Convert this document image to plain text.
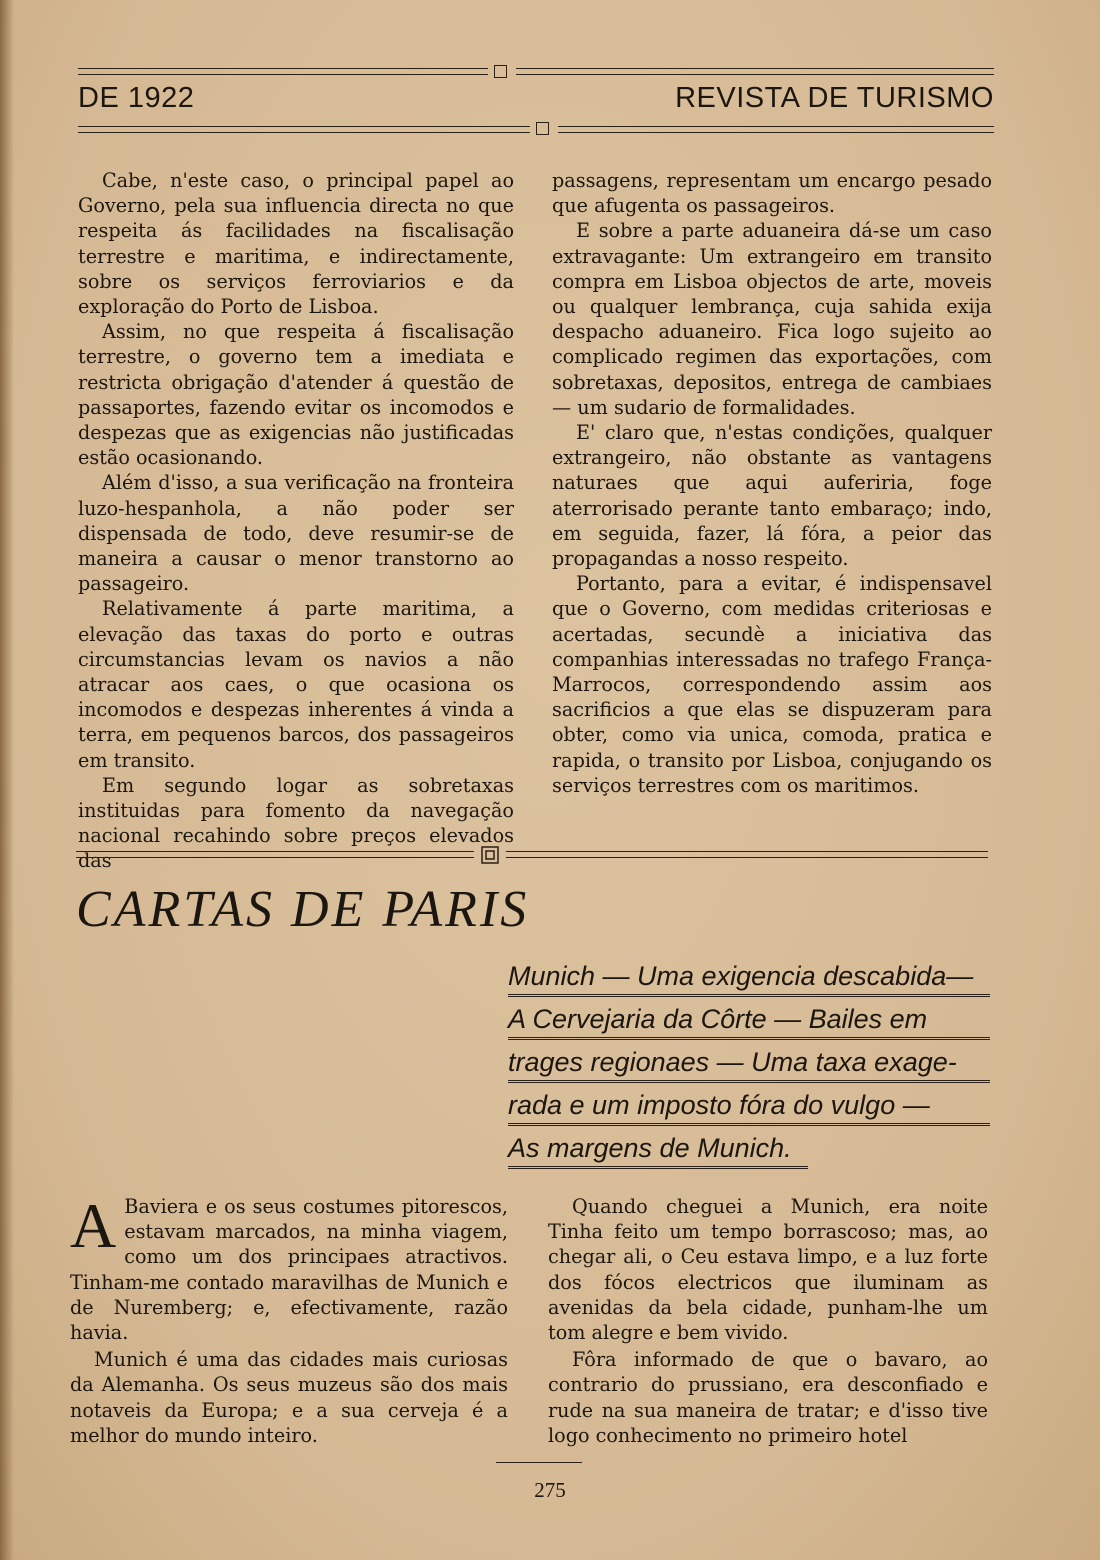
DE 1922	REVISTA DE TURISMO

Cabe, n'este caso, o principal papel ao Governo, pela sua influencia directa no que respeita ás facilidades na fiscalisação terrestre e maritima, e indirectamente, sobre os serviços ferroviarios e da exploração do Porto de Lisboa.

Assim, no que respeita á fiscalisação terrestre, o governo tem a imediata e restricta obrigação d'atender á questão de passaportes, fazendo evitar os incomodos e despezas que as exigencias não justificadas estão ocasionando.

Além d'isso, a sua verificação na fronteira luzo-hespanhola, a não poder ser dispensada de todo, deve resumir-se de maneira a causar o menor transtorno ao passageiro.

Relativamente á parte maritima, a elevação das taxas do porto e outras circumstancias levam os navios a não atracar aos caes, o que ocasiona os incomodos e despezas inherentes á vinda a terra, em pequenos barcos, dos passageiros em transito.

Em segundo logar as sobretaxas instituidas para fomento da navegação nacional recahindo sobre preços elevados das

passagens, representam um encargo pesado que afugenta os passageiros.

E sobre a parte aduaneira dá-se um caso extravagante: Um extrangeiro em transito compra em Lisboa objectos de arte, moveis ou qualquer lembrança, cuja sahida exija despacho aduaneiro. Fica logo sujeito ao complicado regimen das exportações, com sobretaxas, depositos, entrega de cambiaes — um sudario de formalidades.

E' claro que, n'estas condições, qualquer extrangeiro, não obstante as vantagens naturaes que aqui auferiria, foge aterrorisado perante tanto embaraço; indo, em seguida, fazer, lá fóra, a peior das propagandas a nosso respeito.

Portanto, para a evitar, é indispensavel que o Governo, com medidas criteriosas e acertadas, secundè a iniciativa das companhias interessadas no trafego França-Marrocos, correspondendo assim aos sacrificios a que elas se dispuzeram para obter, como via unica, comoda, pratica e rapida, o transito por Lisboa, conjugando os serviços terrestres com os maritimos.

CARTAS DE PARIS
Munich — Uma exigencia descabida—
A Cervejaria da Côrte — Bailes em
trages regionaes — Uma taxa exage-
rada e um imposto fóra do vulgo —
As margens de Munich.
A Baviera e os seus costumes pitorescos, estavam marcados, na minha viagem, como um dos principaes atractivos. Tinham-me contado maravilhas de Munich e de Nuremberg; e, efectivamente, razão havia.

Munich é uma das cidades mais curiosas da Alemanha. Os seus muzeus são dos mais notaveis da Europa; e a sua cerveja é a melhor do mundo inteiro.

Quando cheguei a Munich, era noite Tinha feito um tempo borrascoso; mas, ao chegar ali, o Ceu estava limpo, e a luz forte dos fócos electricos que iluminam as avenidas da bela cidade, punham-lhe um tom alegre e bem vivido.

Fôra informado de que o bavaro, ao contrario do prussiano, era desconfiado e rude na sua maneira de tratar; e d'isso tive logo conhecimento no primeiro hotel

275
